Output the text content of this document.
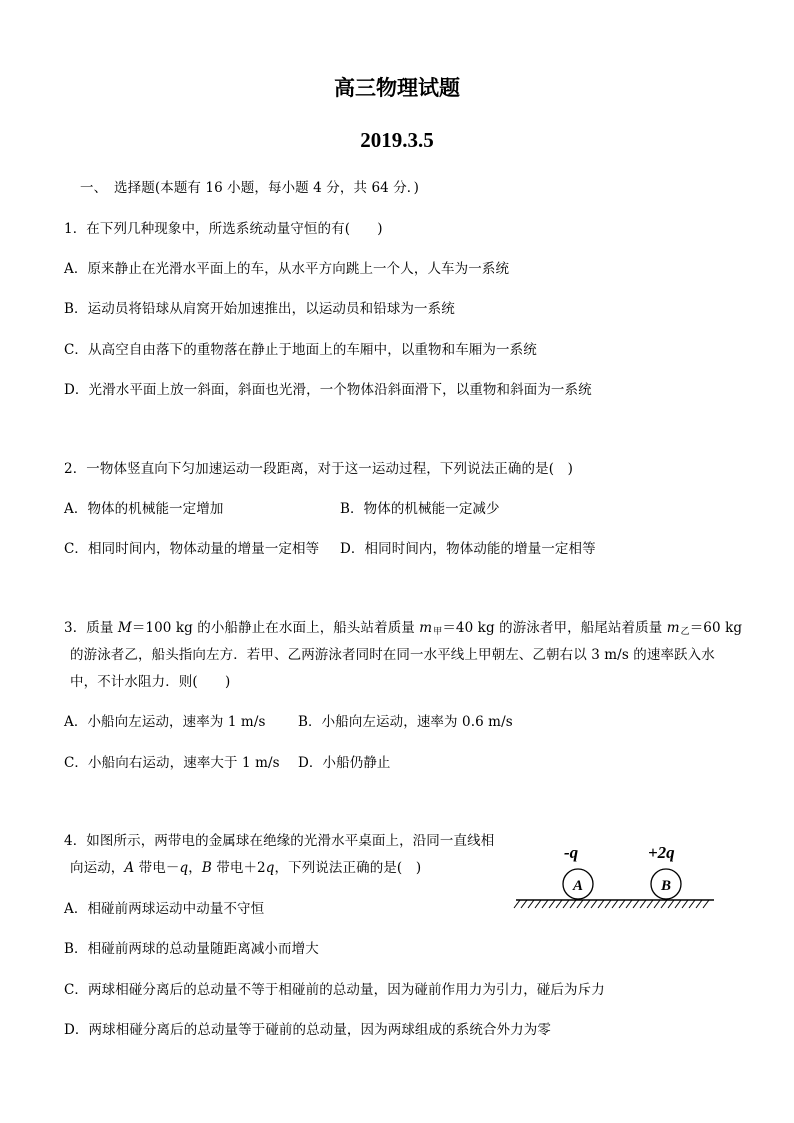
高三物理试题
2019.3.5
一、　选择题(本题有 16 小题，每小题 4 分，共 64 分．)
1．在下列几种现象中，所选系统动量守恒的有(　　)
A．原来静止在光滑水平面上的车，从水平方向跳上一个人，人车为一系统
B．运动员将铅球从肩窝开始加速推出，以运动员和铅球为一系统
C．从高空自由落下的重物落在静止于地面上的车厢中，以重物和车厢为一系统
D．光滑水平面上放一斜面，斜面也光滑，一个物体沿斜面滑下，以重物和斜面为一系统
2．一物体竖直向下匀加速运动一段距离，对于这一运动过程，下列说法正确的是(　)
A．物体的机械能一定增加	B．物体的机械能一定减少
C．相同时间内，物体动量的增量一定相等 D．相同时间内，物体动能的增量一定相等
3．质量 M＝100 kg 的小船静止在水面上，船头站着质量 $m_甲=40$ kg 的游泳者甲，船尾站着质量 $m_乙=60$ kg
的游泳者乙，船头指向左方．若甲、乙两游泳者同时在同一水平线上甲朝左、乙朝右以 3 m/s 的速率跃入水
中，不计水阻力．则(　　)
A．小船向左运动，速率为 1 m/s B．小船向左运动，速率为 0.6 m/s
C．小船向右运动，速率大于 1 m/s D．小船仍静止
4．如图所示，两带电的金属球在绝缘的光滑水平桌面上，沿同一直线相
向运动，A 带电－q，B 带电＋2q，下列说法正确的是(　)
A．相碰前两球运动中动量不守恒
B．相碰前两球的总动量随距离减小而增大
C．两球相碰分离后的总动量不等于相碰前的总动量，因为碰前作用力为引力，碰后为斥力
D．两球相碰分离后的总动量等于碰前的总动量，因为两球组成的系统合外力为零
-q	+2q
A	B
